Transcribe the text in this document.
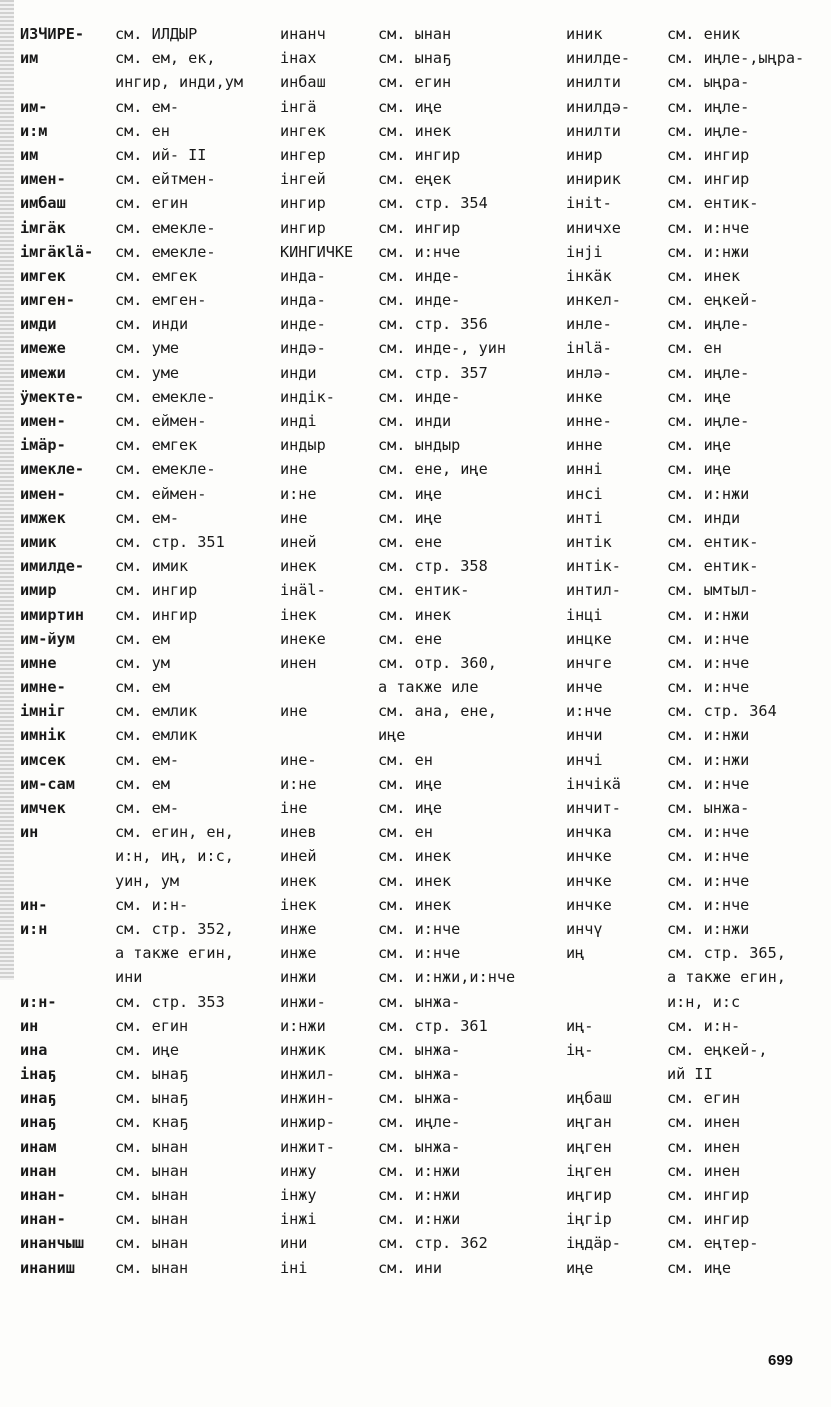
ИЗЧИРЕ-
им
им-
и:м
им
имен-
имбаш
імгӓк
імгӓкlӓ-
имгек
имген-
имди
имеже
имежи
ӱмекте-
имен-
імӓр-
имекле-
имен-
имжек
имик
имилде-
имир
имиртин
им-йум
имне
имне-
імніг
имнік
имсек
им-сам
имчек
ин
ин-
и:н
и:н-
ин
ина
інаҕ
инаҕ
инаҕ
инам
инан
инан-
инан-
инанчыш
инаниш
см. ИЛДЫР
см. ем, ек,
ингир, инди,ум
см. ем-
см. ен
см. ий- II
см. ейтмен-
см. егин
см. емекле-
см. емекле-
см. емгек
см. емген-
см. инди
см. уме
см. уме
см. емекле-
см. еймен-
см. емгек
см. емекле-
см. еймен-
см. ем-
см. стр. 351
см. имик
см. ингир
см. ингир
см. ем
см. ум
см. ем
см. емлик
см. емлик
см. ем-
см. ем
см. ем-
см. егин, ен,
и:н, иң, и:с,
уин, ум
см. и:н-
см. стр. 352,
а также егин,
ини
см. стр. 353
см. егин
см. иңе
см. ынаҕ
см. ынаҕ
см. кнаҕ
см. ынан
см. ынан
см. ынан
см. ынан
см. ынан
см. ынан
инанч
інах
инбаш
інгӓ
ингек
ингер
інгей
ингир
ингир
КИНГИЧКЕ
инда-
инда-
инде-
индә-
инди
индік-
индi
индыр
ине
и:не
ине
иней
инек
інäl-
інек
инеке
инен
ине
ине-
и:не
іне
инев
иней
инек
інек
инже
инже
инжи
инжи-
и:нжи
инжик
инжил-
инжин-
инжир-
инжит-
инжу
інжу
інжі
ини
іні
см. ынан
см. ынаҕ
см. егин
см. иңе
см. инек
см. ингир
см. еңек
см. стр. 354
см. ингир
см. и:нче
см. инде-
см. инде-
см. стр. 356
см. инде-, уин
см. стр. 357
см. инде-
см. инди
см. ындыр
см. ене, иңе
см. иңе
см. иңе
см. ене
см. стр. 358
см. ентик-
см. инек
см. ене
см. отр. 360,
а также иле
см. ана, ене,
иңе
см. ен
см. иңе
см. иңе
см. ен
см. инек
см. инек
см. инек
см. и:нче
см. и:нче
см. и:нжи,и:нче
см. ынжа-
см. стр. 361
см. ынжа-
см. ынжа-
см. ынжа-
см. иңле-
см. ынжа-
см. и:нжи
см. и:нжи
см. и:нжи
см. стр. 362
см. ини
иник
инилде-
инилти
инилдә-
инилти
инир
инирик
інit-
иничхе
інjі
інкäк
инкел-
инле-
інlӓ-
инлә-
инке
инне-
инне
инні
инсі
инті
интік
интік-
интил-
інці
инцке
инчге
инче
и:нче
инчи
инчі
інчікӓ
инчит-
инчка
инчке
инчке
инчке
инчү
иң
иң-
ің-
иңбаш
иңган
иңген
іңген
иңгир
іңгір
іңдӓр-
иңе
см. еник
см. иңле-,ыңра-
см. ыңра-
см. иңле-
см. иңле-
см. ингир
см. ингир
см. ентик-
см. и:нче
см. и:нжи
см. инек
см. еңкей-
см. иңле-
см. ен
см. иңле-
см. иңе
см. иңле-
см. иңе
см. иңе
см. и:нжи
см. инди
см. ентик-
см. ентик-
см. ымтыл-
см. и:нжи
см. и:нче
см. и:нче
см. и:нче
см. стр. 364
см. и:нжи
см. и:нжи
см. и:нче
см. ынжа-
см. и:нче
см. и:нче
см. и:нче
см. и:нче
см. и:нжи
см. стр. 365,
а также егин,
и:н, и:с
см. и:н-
см. еңкей-,
ий II
см. егин
см. инен
см. инен
см. инен
см. ингир
см. ингир
см. еңтер-
см. иңе
699
